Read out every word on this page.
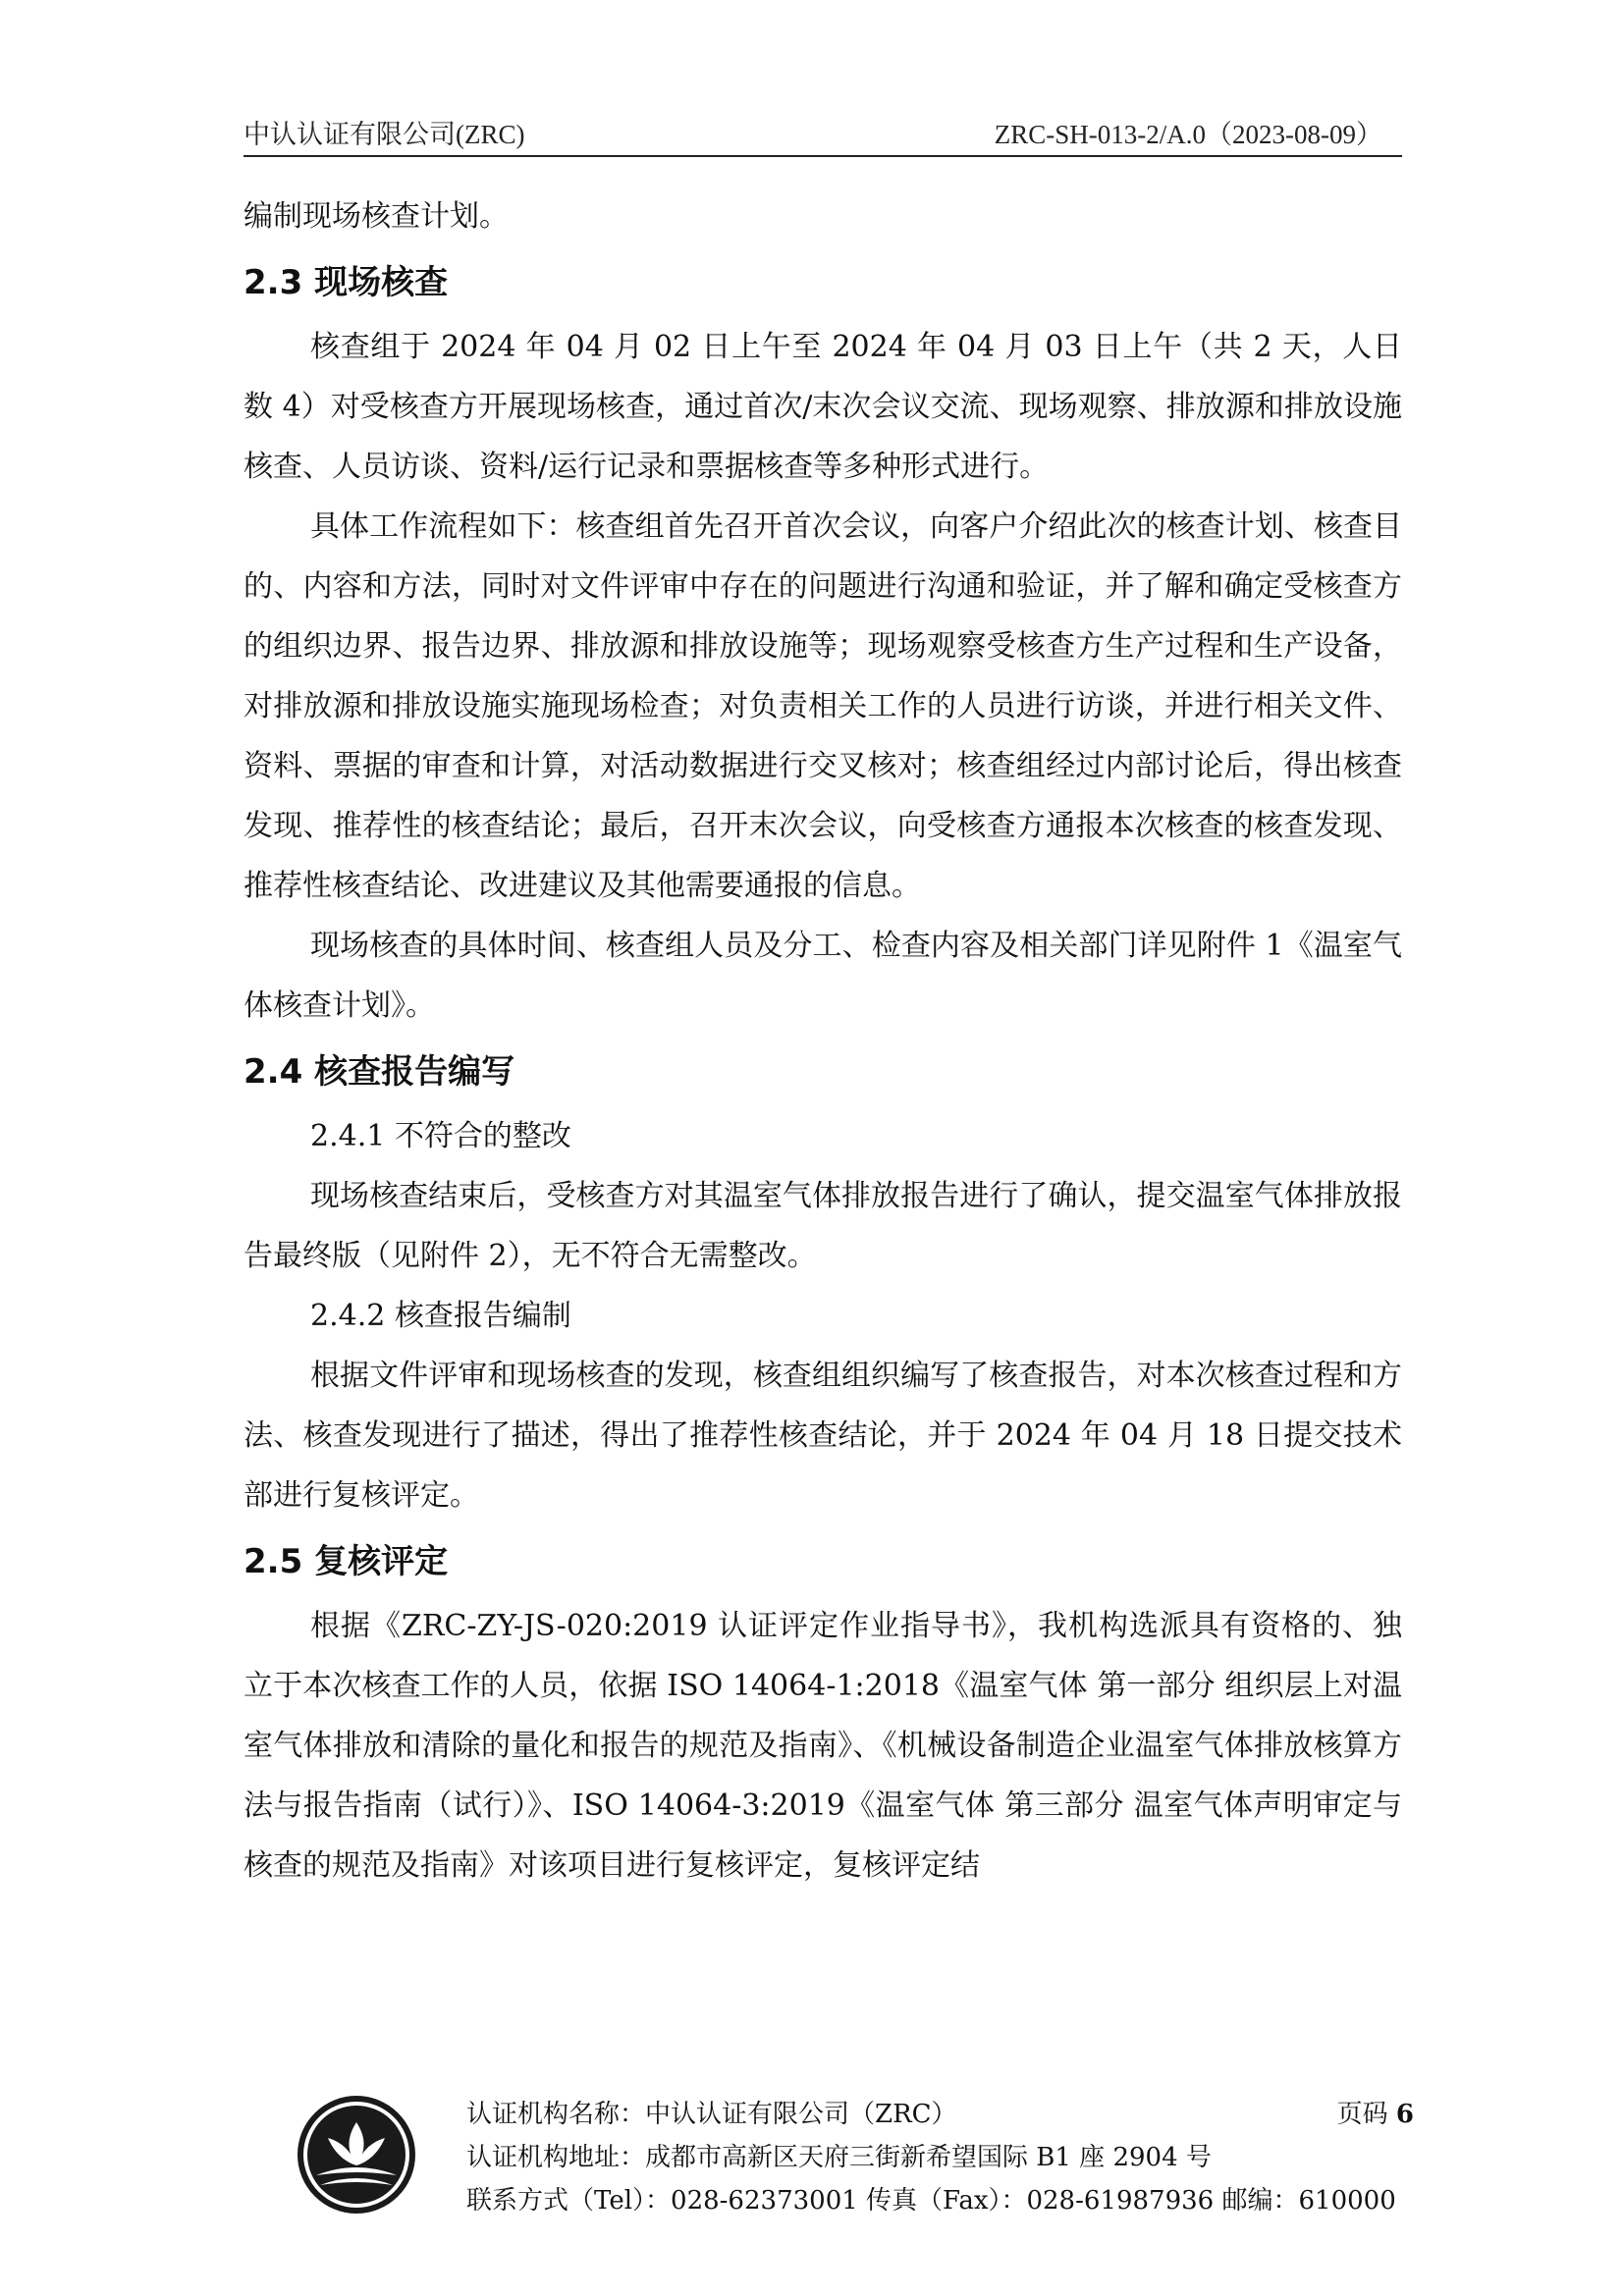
中认认证有限公司(ZRC)	ZRC-SH-013-2/A.0（2023-08-09）

编制现场核查计划。

2.3 现场核查

核查组于 2024 年 04 月 02 日上午至 2024 年 04 月 03 日上午（共 2 天，人日数 4）对受核查方开展现场核查，通过首次/末次会议交流、现场观察、排放源和排放设施核查、人员访谈、资料/运行记录和票据核查等多种形式进行。

具体工作流程如下：核查组首先召开首次会议，向客户介绍此次的核查计划、核查目的、内容和方法，同时对文件评审中存在的问题进行沟通和验证，并了解和确定受核查方的组织边界、报告边界、排放源和排放设施等；现场观察受核查方生产过程和生产设备，对排放源和排放设施实施现场检查；对负责相关工作的人员进行访谈，并进行相关文件、资料、票据的审查和计算，对活动数据进行交叉核对；核查组经过内部讨论后，得出核查发现、推荐性的核查结论；最后，召开末次会议，向受核查方通报本次核查的核查发现、推荐性核查结论、改进建议及其他需要通报的信息。

现场核查的具体时间、核查组人员及分工、检查内容及相关部门详见附件 1《温室气体核查计划》。

2.4 核查报告编写

2.4.1 不符合的整改

现场核查结束后，受核查方对其温室气体排放报告进行了确认，提交温室气体排放报告最终版（见附件 2），无不符合无需整改。

2.4.2 核查报告编制

根据文件评审和现场核查的发现，核查组组织编写了核查报告，对本次核查过程和方法、核查发现进行了描述，得出了推荐性核查结论，并于 2024 年 04 月 18 日提交技术部进行复核评定。

2.5 复核评定

根据《ZRC-ZY-JS-020:2019 认证评定作业指导书》，我机构选派具有资格的、独立于本次核查工作的人员，依据 ISO 14064-1:2018《温室气体 第一部分 组织层上对温室气体排放和清除的量化和报告的规范及指南》、《机械设备制造企业温室气体排放核算方法与报告指南（试行）》、ISO 14064-3:2019《温室气体 第三部分 温室气体声明审定与核查的规范及指南》对该项目进行复核评定，复核评定结

认证机构名称：中认认证有限公司（ZRC）
认证机构地址：成都市高新区天府三街新希望国际 B1 座 2904 号
联系方式（Tel）：028-62373001 传真（Fax）：028-61987936 邮编：610000
页码 6
